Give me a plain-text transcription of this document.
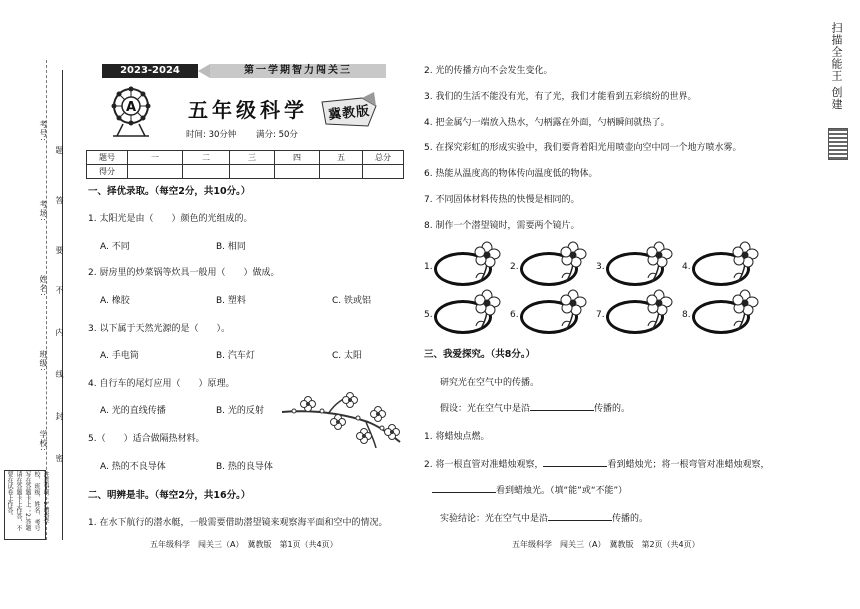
考号:
考场:
姓名:
班级:
学校:
题
答
要
不
内
线
封
密
注意事项：1.请将学校、班级、姓名、考号写在答题卡上；2.答题请在答题卡上作答，不要在试卷上作答。
2023-2024	第一学期智力闯关三
A	五年级科学 冀教版
时间: 30分钟 满分: 50分
题号	一	二	三	四	五	总分
得分						
一、择优录取。（每空2分，共10分。）
1. 太阳光是由（　　）颜色的光组成的。
A. 不同	B. 相同
2. 厨房里的炒菜锅等炊具一般用（　　）做成。
A. 橡胶	B. 塑料	C. 铁或铝
3. 以下属于天然光源的是（　　）。
A. 手电筒	B. 汽车灯	C. 太阳
4. 自行车的尾灯应用（　　）原理。
A. 光的直线传播	B. 光的反射
5.（　　）适合做隔热材料。
A. 热的不良导体	B. 热的良导体
二、明辨是非。（每空2分，共16分。）
1. 在水下航行的潜水艇，一般需要借助潜望镜来观察海平面和空中的情况。
五年级科学　闯关三（A）　冀教版　第1页（共4页）
2. 光的传播方向不会发生变化。
3. 我们的生活不能没有光，有了光，我们才能看到五彩缤纷的世界。
4. 把金属勺一端放入热水，勺柄露在外面，勺柄瞬间就热了。
5. 在探究彩虹的形成实验中，我们要背着阳光用喷壶向空中同一个地方喷水雾。
6. 热能从温度高的物体传向温度低的物体。
7. 不同固体材料传热的快慢是相同的。
8. 制作一个潜望镜时，需要两个镜片。
1.	2.	3.	4.
5.	6.	7.	8.
三、我爱探究。（共8分。）
研究光在空气中的传播。
假设：光在空气中是沿	传播的。
1. 将蜡烛点燃。
2. 将一根直管对准蜡烛观察，	看到蜡烛光；将一根弯管对准蜡烛观察，
看到蜡烛光。（填“能”或“不能”）
实验结论：光在空气中是沿	传播的。
五年级科学　闯关三（A）　冀教版　第2页（共4页）
扫描全能王 创建
